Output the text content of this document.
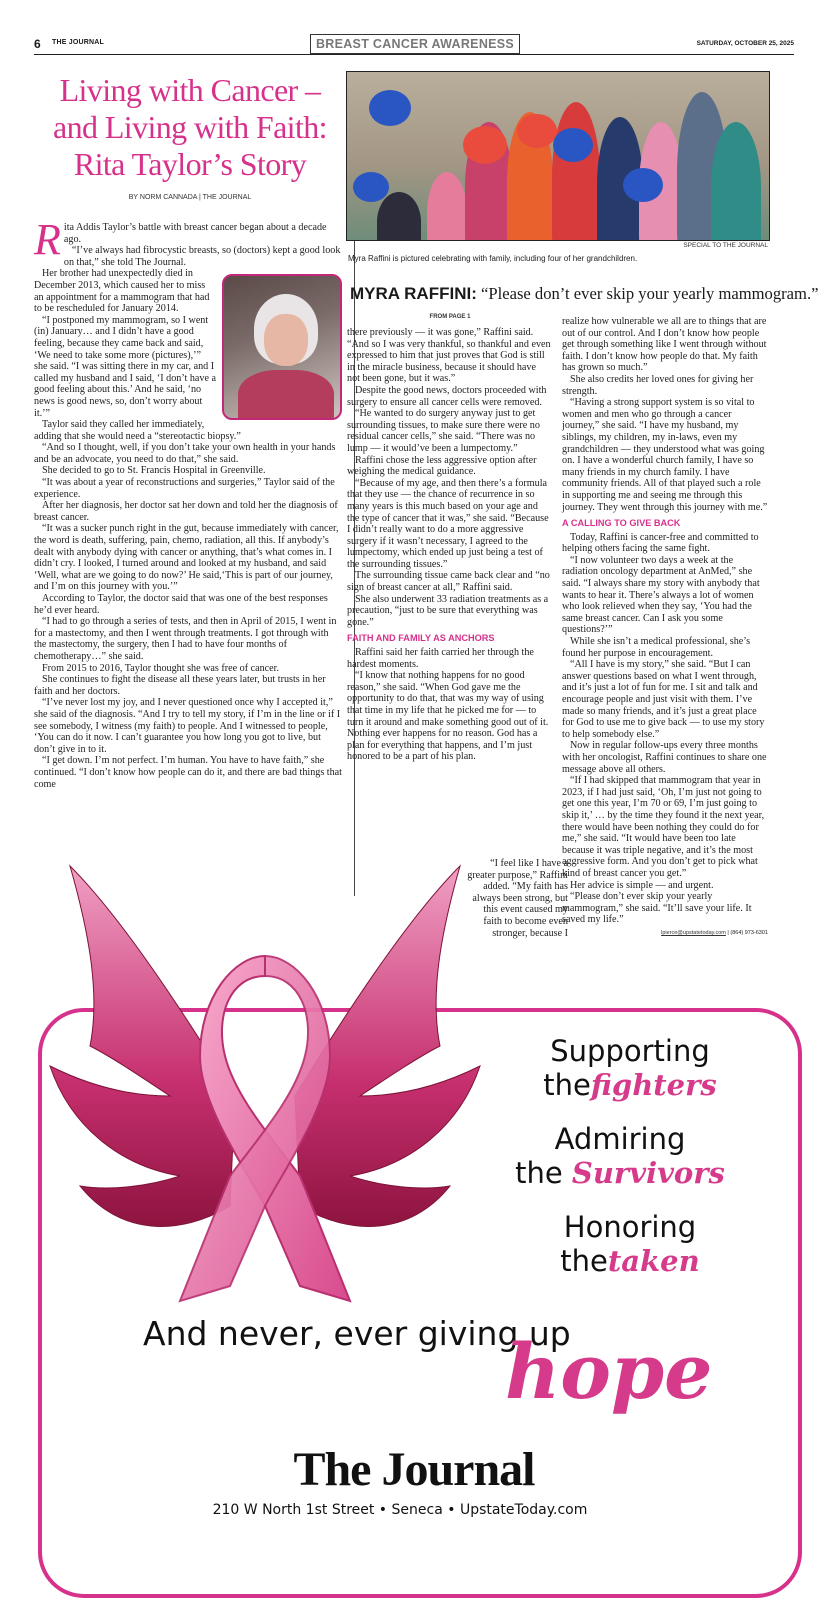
6 THE JOURNAL	BREAST CANCER AWARENESS	SATURDAY, OCTOBER 25, 2025
Living with Cancer – and Living with Faith: Rita Taylor’s Story
BY NORM CANNADA | THE JOURNAL

Rita Addis Taylor’s battle with breast cancer began about a decade ago.

“I’ve always had fibrocystic breasts, so (doctors) kept a good look on that,” she told The Journal.

Her brother had unexpectedly died in December 2013, which caused her to miss an appointment for a mammogram that had to be rescheduled for January 2014.

“I postponed my mammogram, so I went (in) January… and I didn’t have a good feeling, because they came back and said, ‘We need to take some more (pictures),’” she said. “I was sitting there in my car, and I called my husband and I said, ‘I don’t have a good feeling about this.’ And he said, ‘no news is good news, so, don’t worry about it.’”

Taylor said they called her immediately, adding that she would need a “stereotactic biopsy.”

“And so I thought, well, if you don’t take your own health in your hands and be an advocate, you need to do that,” she said.

She decided to go to St. Francis Hospital in Greenville.

“It was about a year of reconstructions and surgeries,” Taylor said of the experience.

After her diagnosis, her doctor sat her down and told her the diagnosis of breast cancer.

“It was a sucker punch right in the gut, because immediately with cancer, the word is death, suffering, pain, chemo, radiation, all this. If anybody’s dealt with anybody dying with cancer or anything, that’s what comes in. I didn’t cry. I looked, I turned around and looked at my husband, and said ‘Well, what are we going to do now?’ He said,‘This is part of our journey, and I’m on this journey with you.’”

According to Taylor, the doctor said that was one of the best responses he’d ever heard.

“I had to go through a series of tests, and then in April of 2015, I went in for a mastectomy, and then I went through treatments. I got through with the mastectomy, the surgery, then I had to have four months of chemotherapy…” she said.

From 2015 to 2016, Taylor thought she was free of cancer.

She continues to fight the disease all these years later, but trusts in her faith and her doctors.

“I’ve never lost my joy, and I never questioned once why I accepted it,” she said of the diagnosis. “And I try to tell my story, if I’m in the line or if I see somebody, I witness (my faith) to people. And I witnessed to people, ‘You can do it now. I can’t guarantee you how long you got to live, but don’t give in to it.

“I get down. I’m not perfect. I’m human. You have to have faith,” she continued. “I don’t know how people can do it, and there are bad things that come

SPECIAL TO THE JOURNAL
Myra Raffini is pictured celebrating with family, including four of her grandchildren.
MYRA RAFFINI: “Please don’t ever skip your yearly mammogram.”
FROM PAGE 1

there previously — it was gone,” Raffini said. “And so I was very thankful, so thankful and even expressed to him that just proves that God is still in the miracle business, because it should have not been gone, but it was.”

Despite the good news, doctors proceeded with surgery to ensure all cancer cells were removed.

“He wanted to do surgery anyway just to get surrounding tissues, to make sure there were no residual cancer cells,” she said. “There was no lump — it would’ve been a lumpectomy.”

Raffini chose the less aggressive option after weighing the medical guidance.

“Because of my age, and then there’s a formula that they use — the chance of recurrence in so many years is this much based on your age and the type of cancer that it was,” she said. “Because I didn’t really want to do a more aggressive surgery if it wasn’t necessary, I agreed to the lumpectomy, which ended up just being a test of the surrounding tissues.”

The surrounding tissue came back clear and “no sign of breast cancer at all,” Raffini said.

She also underwent 33 radiation treatments as a precaution, “just to be sure that everything was gone.”

FAITH AND FAMILY AS ANCHORS

Raffini said her faith carried her through the hardest moments.

“I know that nothing happens for no good reason,” she said. “When God gave me the opportunity to do that, that was my way of using that time in my life that he picked me for — to turn it around and make something good out of it. Nothing ever happens for no reason. God has a plan for everything that happens, and I’m just honored to be a part of his plan.

“I feel like I have a greater purpose,” Raffini added. “My faith has always been strong, but this event caused my faith to become even stronger, because I

realize how vulnerable we all are to things that are out of our control. And I don’t know how people get through something like I went through without faith. I don’t know how people do that. My faith has grown so much.”

She also credits her loved ones for giving her strength.

“Having a strong support system is so vital to women and men who go through a cancer journey,” she said. “I have my husband, my siblings, my children, my in-laws, even my grandchildren — they understood what was going on. I have a wonderful church family, I have so many friends in my church family. I have community friends. All of that played such a role in supporting me and seeing me through this journey. They went through this journey with me.”

A CALLING TO GIVE BACK

Today, Raffini is cancer-free and committed to helping others facing the same fight.

“I now volunteer two days a week at the radiation oncology department at AnMed,” she said. “I always share my story with anybody that wants to hear it. There’s always a lot of women who look relieved when they say, ‘You had the same breast cancer. Can I ask you some questions?’”

While she isn’t a medical professional, she’s found her purpose in encouragement.

“All I have is my story,” she said. “But I can answer questions based on what I went through, and it’s just a lot of fun for me. I sit and talk and encourage people and just visit with them. I’ve made so many friends, and it’s just a great place for God to use me to give back — to use my story to help somebody else.”

Now in regular follow-ups every three months with her oncologist, Raffini continues to share one message above all others.

“If I had skipped that mammogram that year in 2023, if I had just said, ‘Oh, I’m just not going to get one this year, I’m 70 or 69, I’m just going to skip it,’ … by the time they found it the next year, there would have been nothing they could do for me,” she said. “It would have been too late because it was triple negative, and it’s the most aggressive form. And you don’t get to pick what kind of breast cancer you get.”

Her advice is simple — and urgent.

“Please don’t ever skip your yearly mammogram,” she said. “It’ll save your life. It saved my life.”

lpierce@upstatetoday.com | (864) 973-6301

Supporting
thefighters
Admiring
the Survivors
Honoring
thetaken
And never, ever giving up
hope
The Journal
210 W North 1st Street • Seneca • UpstateToday.com
